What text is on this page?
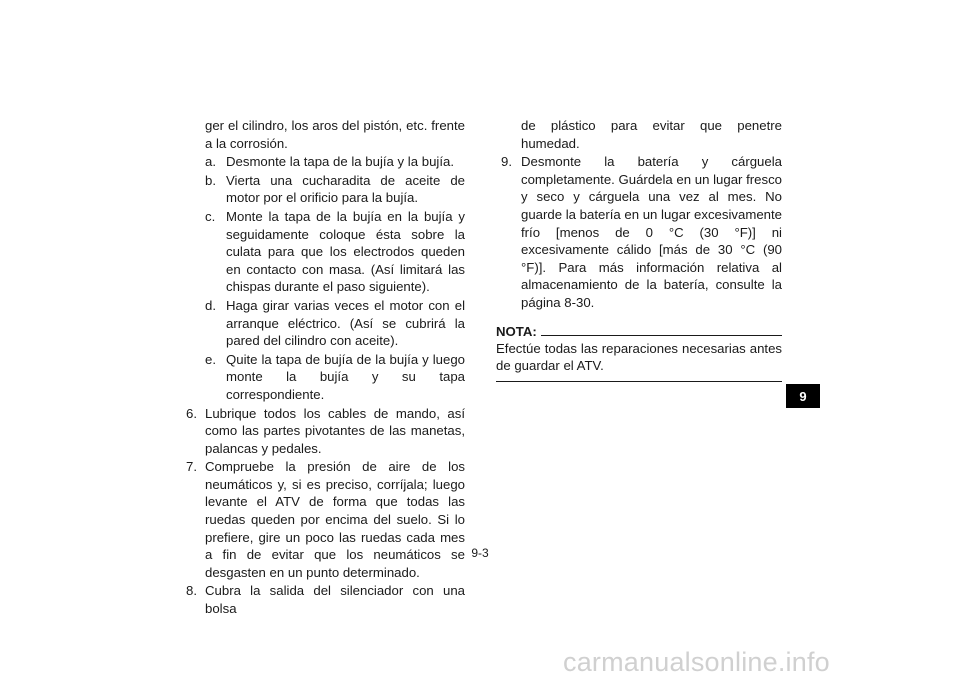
ger el cilindro, los aros del pistón, etc. frente a la corrosión.

a. Desmonte la tapa de la bujía y la bujía.

b. Vierta una cucharadita de aceite de motor por el orificio para la bujía.

c. Monte la tapa de la bujía en la bujía y seguidamente coloque ésta sobre la culata para que los electrodos queden en contacto con masa. (Así limitará las chispas durante el paso siguiente).

d. Haga girar varias veces el motor con el arranque eléctrico. (Así se cubrirá la pared del cilindro con aceite).

e. Quite la tapa de bujía de la bujía y luego monte la bujía y su tapa correspondiente.

6. Lubrique todos los cables de mando, así como las partes pivotantes de las manetas, palancas y pedales.

7. Compruebe la presión de aire de los neumáticos y, si es preciso, corríjala; luego levante el ATV de forma que todas las ruedas queden por encima del suelo. Si lo prefiere, gire un poco las ruedas cada mes a fin de evitar que los neumáticos se desgasten en un punto determinado.

8. Cubra la salida del silenciador con una bolsa

de plástico para evitar que penetre humedad.

9. Desmonte la batería y cárguela completamente. Guárdela en un lugar fresco y seco y cárguela una vez al mes. No guarde la batería en un lugar excesivamente frío [menos de 0 °C (30 °F)] ni excesivamente cálido [más de 30 °C (90 °F)]. Para más información relativa al almacenamiento de la batería, consulte la página 8-30.

NOTA:

Efectúe todas las reparaciones necesarias antes de guardar el ATV.

9-3
9
carmanualsonline.info
